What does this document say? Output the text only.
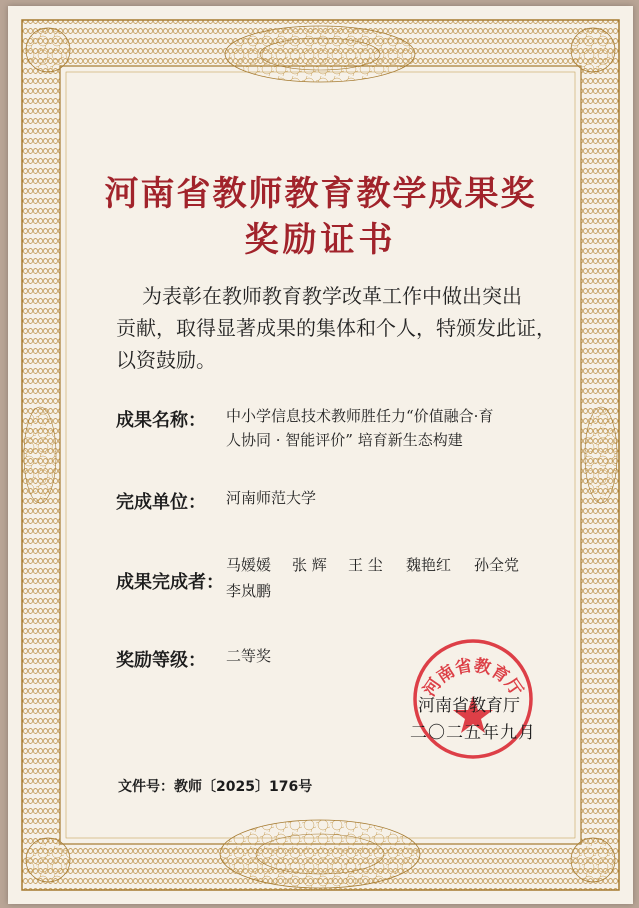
河南省教师教育教学成果奖
奖励证书
为表彰在教师教育教学改革工作中做出突出
贡献，取得显著成果的集体和个人，特颁发此证，
以资鼓励。
成果名称： 中小学信息技术教师胜任力“价值融合·育
人协同 · 智能评价” 培育新生态构建
完成单位： 河南师范大学
成果完成者：
马媛媛 张 辉 王 尘 魏艳红 孙全党
李岚鹏
奖励等级： 二等奖
河南省教育厅
河南省教育厅
二〇二五年九月
文件号：教师〔2025〕176号
